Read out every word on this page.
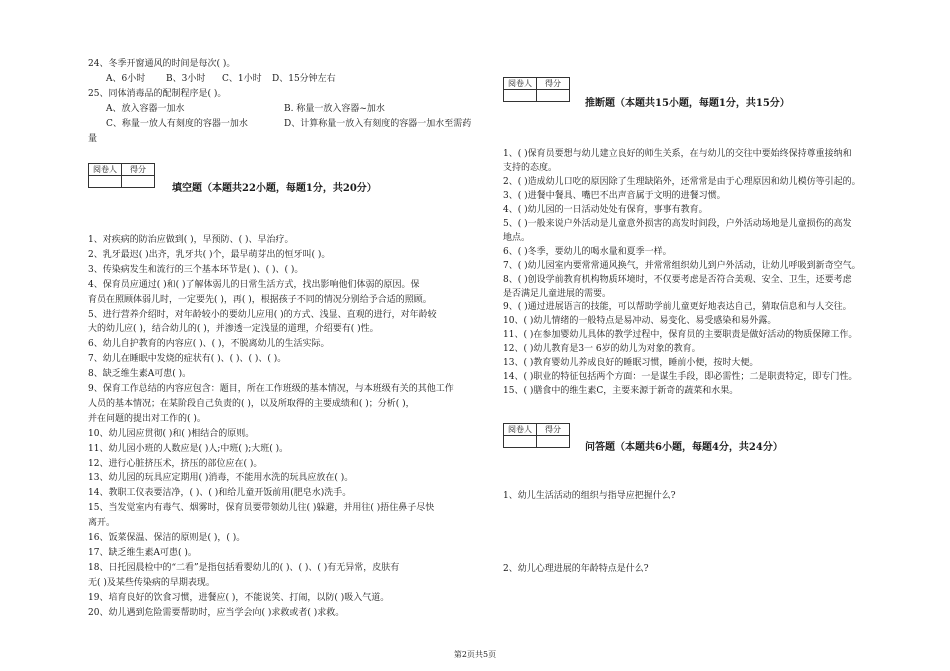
24、冬季开窗通风的时间是每次( )。
A、6小时 B、3小时 C、1小时 D、15分钟左右
25、同体消毒品的配制程序是( )。
A、放入容器一加水	B. 称量一放入容器~加水
C、称量一放人有刻度的容器一加水	D、计算称量一放入有刻度的容器一加水至需药
量
阅卷人	得分

填空题（本题共22小题，每题1分，共20分）
1、对疾病的防治应做到( )，早预防、( )、早治疗。
2、乳牙最迟( )出齐，乳牙共( )个，最早萌芽出的恒牙叫( )。
3、传染病发生和流行的三个基本环节是( )、( )、( )。
4、保育员应通过( )和( )了解体弱儿的日常生活方式，找出影响他们体弱的原因。保
育员在照顾体弱儿时，一定要先( )，再( )，根据孩子不同的情况分别给予合适的照顾。
5、进行营养介绍时，对年龄较小的要幼儿应用( )的方式、浅显、直观的进行，对年龄较
大的幼儿应( )，结合幼儿的( )，并渗透一定浅显的道理，介绍要有( )性。
6、幼儿自护教育的内容应( )、( )，不脱离幼儿的生活实际。
7、幼儿在睡眠中发烧的症状有( )、( )、( )、( )。
8、缺乏维生素A可患( )。
9、保育工作总结的内容应包含：题目，所在工作班级的基本情况，与本班级有关的其他工作
人员的基本情况；在某阶段自己负责的( )，以及所取得的主要成绩和( )；分析( )，
并在问题的提出对工作的( )。
10、幼儿园应贯彻( )和( )相结合的原则。
11、幼儿园小班的人数应是( )人;中班( );大班( )。
12、进行心脏挤压术，挤压的部位应在( )。
13、幼儿园的玩具应定期用( )消毒，不能用水洗的玩具应放在( )。
14、教职工仪表要洁净，( )、( )和给儿童开饭前用(肥皂水)洗手。
15、当发觉室内有毒气、烟雾时，保育员要带领幼儿往( )躲避，并用往( )捂住鼻子尽快
离开。
16、饭菜保温、保洁的原则是( )，( )。
17、缺乏维生素A可患( )。
18、日托园晨检中的“二看”是指包括看婴幼儿的( )、( )、( )有无异常，皮肤有
无( )及某些传染病的早期表现。
19、培育良好的饮食习惯，进餐应( )，不能说笑、打闹，以防( )吸入气道。
20、幼儿遇到危险需要帮助时，应当学会向( )求救或者( )求救。
阅卷人	得分

推断题（本题共15小题，每题1分，共15分）
1、( )保育员要想与幼儿建立良好的师生关系，在与幼儿的交往中要始终保持尊重接纳和
支持的态度。
2、( )造成幼儿口吃的原因除了生理缺陷外，还常常是由于心理原因和幼儿模仿等引起的。
3、( )进餐中餐具、嘴巴不出声音属于文明的进餐习惯。
4、( )幼儿园的一日活动处处有保育，事事有教育。
5、( )一般来说户外活动是儿童意外损害的高发时间段，户外活动场地是儿童损伤的高发
地点。
6、( )冬季，要幼儿的喝水量和夏季一样。
7、( )幼儿园室内要常常通风换气，并常常组织幼儿到户外活动，让幼儿呼吸到新奇空气。
8、( )创设学前教育机构物质环境时，不仅要考虑是否符合美观、安全、卫生，还要考虑
是否满足儿童进展的需要。
9、( )通过进展语言的技能，可以帮助学前儿童更好地表达自己，猜取信息和与人交往。
10、( )幼儿情绪的一般特点是易冲动、易变化、易受感染和易外露。
11、( )在参加婴幼儿具体的教学过程中，保育员的主要职责是做好活动的物质保障工作。
12、( )幼儿教育是3一 6岁的幼儿为对象的教育。
13、( )教育婴幼儿养成良好的睡眠习惯，睡前小便，按时大便。
14、( )职业的特征包括两个方面：一是谋生手段，即必需性；二是职责特定，即专门性。
15、( )膳食中的维生素C，主要来源于新奇的蔬菜和水果。
阅卷人	得分

问答题（本题共6小题，每题4分，共24分）
1、幼儿生活活动的组织与指导应把握什么?
2、幼儿心理进展的年龄特点是什么?
第2页共5页
